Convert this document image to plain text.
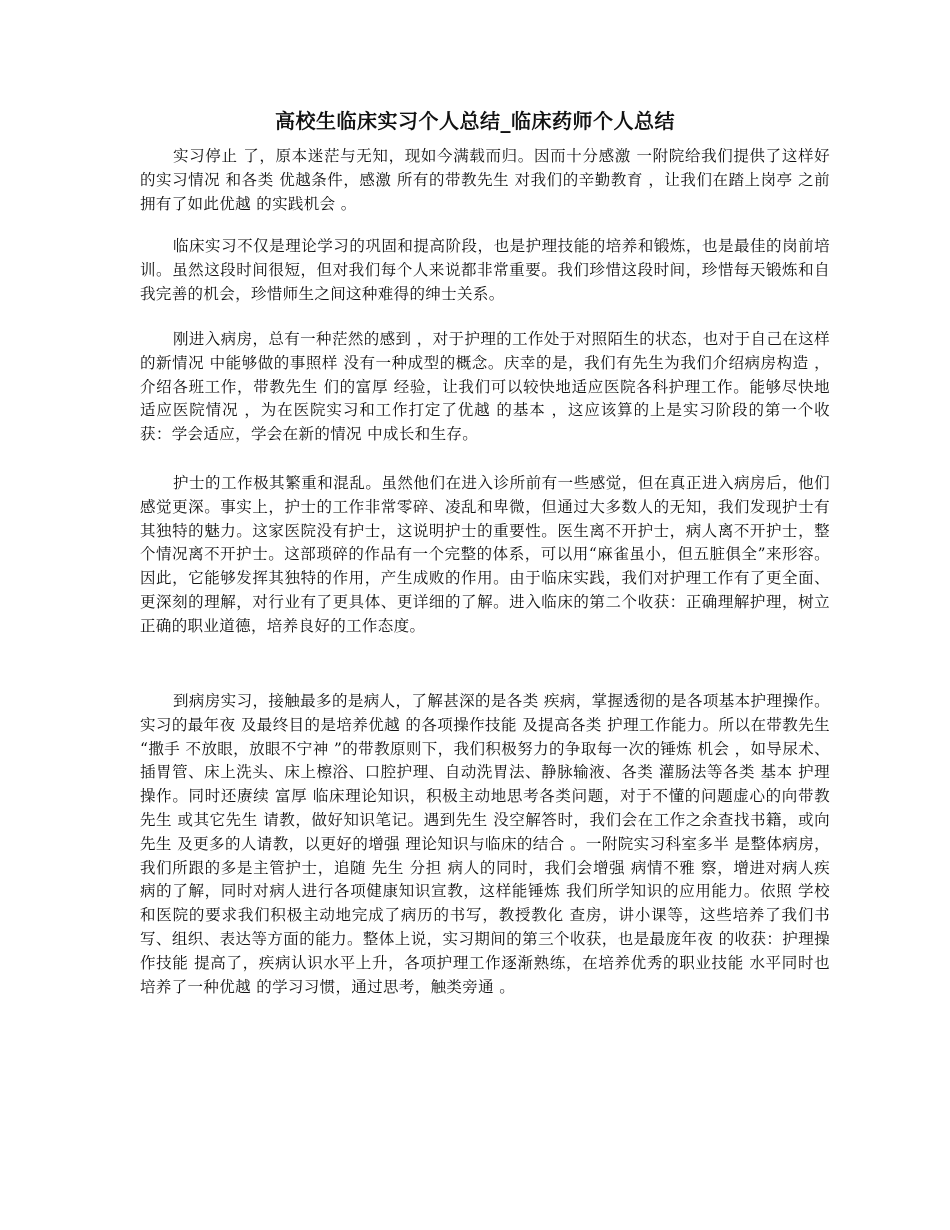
高校生临床实习个人总结_临床药师个人总结

实习停止 了，原本迷茫与无知，现如今满载而归。因而十分感激 一附院给我们提供了这样好的实习情况 和各类 优越条件，感激 所有的带教先生 对我们的辛勤教育 ，让我们在踏上岗亭 之前拥有了如此优越 的实践机会 。

临床实习不仅是理论学习的巩固和提高阶段，也是护理技能的培养和锻炼，也是最佳的岗前培训。虽然这段时间很短，但对我们每个人来说都非常重要。我们珍惜这段时间，珍惜每天锻炼和自我完善的机会，珍惜师生之间这种难得的绅士关系。

刚进入病房，总有一种茫然的感到 ，对于护理的工作处于对照陌生的状态，也对于自己在这样的新情况 中能够做的事照样 没有一种成型的概念。庆幸的是，我们有先生为我们介绍病房构造 ，介绍各班工作，带教先生 们的富厚 经验，让我们可以较快地适应医院各科护理工作。能够尽快地适应医院情况 ，为在医院实习和工作打定了优越 的基本 ，这应该算的上是实习阶段的第一个收获：学会适应，学会在新的情况 中成长和生存。

护士的工作极其繁重和混乱。虽然他们在进入诊所前有一些感觉，但在真正进入病房后，他们感觉更深。事实上，护士的工作非常零碎、凌乱和卑微，但通过大多数人的无知，我们发现护士有其独特的魅力。这家医院没有护士，这说明护士的重要性。医生离不开护士，病人离不开护士，整个情况离不开护士。这部琐碎的作品有一个完整的体系，可以用“麻雀虽小，但五脏俱全”来形容。因此，它能够发挥其独特的作用，产生成败的作用。由于临床实践，我们对护理工作有了更全面、更深刻的理解，对行业有了更具体、更详细的了解。进入临床的第二个收获：正确理解护理，树立正确的职业道德，培养良好的工作态度。

到病房实习，接触最多的是病人，了解甚深的是各类 疾病，掌握透彻的是各项基本护理操作。实习的最年夜 及最终目的是培养优越 的各项操作技能 及提高各类 护理工作能力。所以在带教先生 “撒手 不放眼，放眼不宁神 ”的带教原则下，我们积极努力的争取每一次的锤炼 机会 ，如导尿术、插胃管、床上洗头、床上檫浴、口腔护理、自动洗胃法、静脉输液、各类 灌肠法等各类 基本 护理操作。同时还赓续 富厚 临床理论知识，积极主动地思考各类问题，对于不懂的问题虚心的向带教先生 或其它先生 请教，做好知识笔记。遇到先生 没空解答时，我们会在工作之余查找书籍，或向先生 及更多的人请教，以更好的增强 理论知识与临床的结合 。一附院实习科室多半 是整体病房，我们所跟的多是主管护士，追随 先生 分担 病人的同时，我们会增强 病情不雅 察，增进对病人疾病的了解，同时对病人进行各项健康知识宣教，这样能锤炼 我们所学知识的应用能力。依照 学校和医院的要求我们积极主动地完成了病历的书写，教授教化 查房，讲小课等，这些培养了我们书写、组织、表达等方面的能力。整体上说，实习期间的第三个收获，也是最庞年夜 的收获：护理操作技能 提高了，疾病认识水平上升，各项护理工作逐渐熟练，在培养优秀的职业技能 水平同时也培养了一种优越 的学习习惯，通过思考，触类旁通 。
